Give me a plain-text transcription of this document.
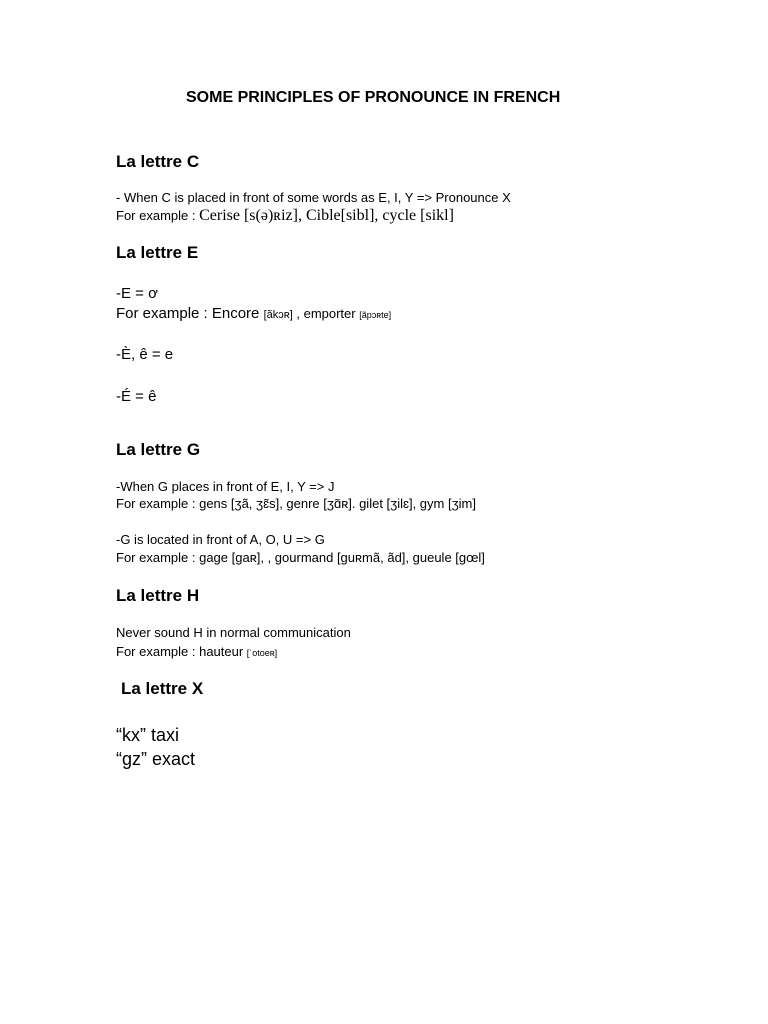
SOME PRINCIPLES OF PRONOUNCE IN FRENCH
La lettre C
- When C is placed in front of some words as E, I, Y => Pronounce X
For example : Cerise [s(ə)ʀiz], Cible[sibl], cycle [sikl]
La lettre E
-E = ơ
For example : Encore [ãkɔʀ] , emporter [ãpɔʀte]
-È, ê = e
-É = ê
La lettre G
-When G places in front of E, I, Y => J
For example : gens [ʒã, ʒɛ̃s], genre [ʒɑ̃ʀ]. gilet [ʒilɛ], gym [ʒim]
-G is located in front of A, O, U => G
For example : gage [gaʀ], , gourmand [guʀmã, ãd], gueule [gœl]
La lettre H
Never sound H in normal communication
For example : hauteur [ˈotoeʀ]
La lettre X
“kx” taxi
“gz” exact
